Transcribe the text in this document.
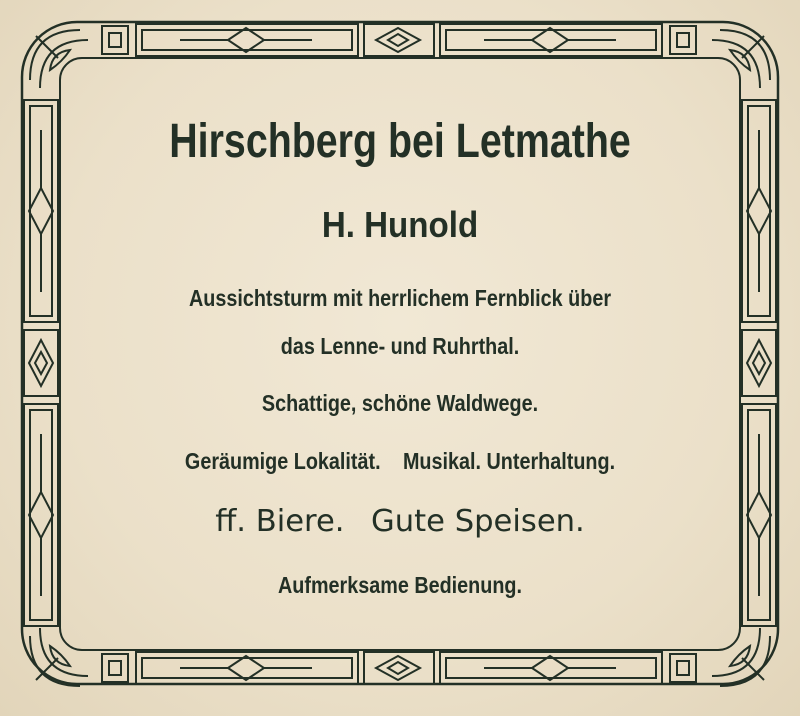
Hirschberg bei Letmathe
H. Hunold
Aussichtsturm mit herrlichem Fernblick über
das Lenne- und Ruhrthal.
Schattige, schöne Waldwege.
Geräumige Lokalität. Musikal. Unterhaltung.
ff. Biere. Gute Speisen.
Aufmerksame Bedienung.
